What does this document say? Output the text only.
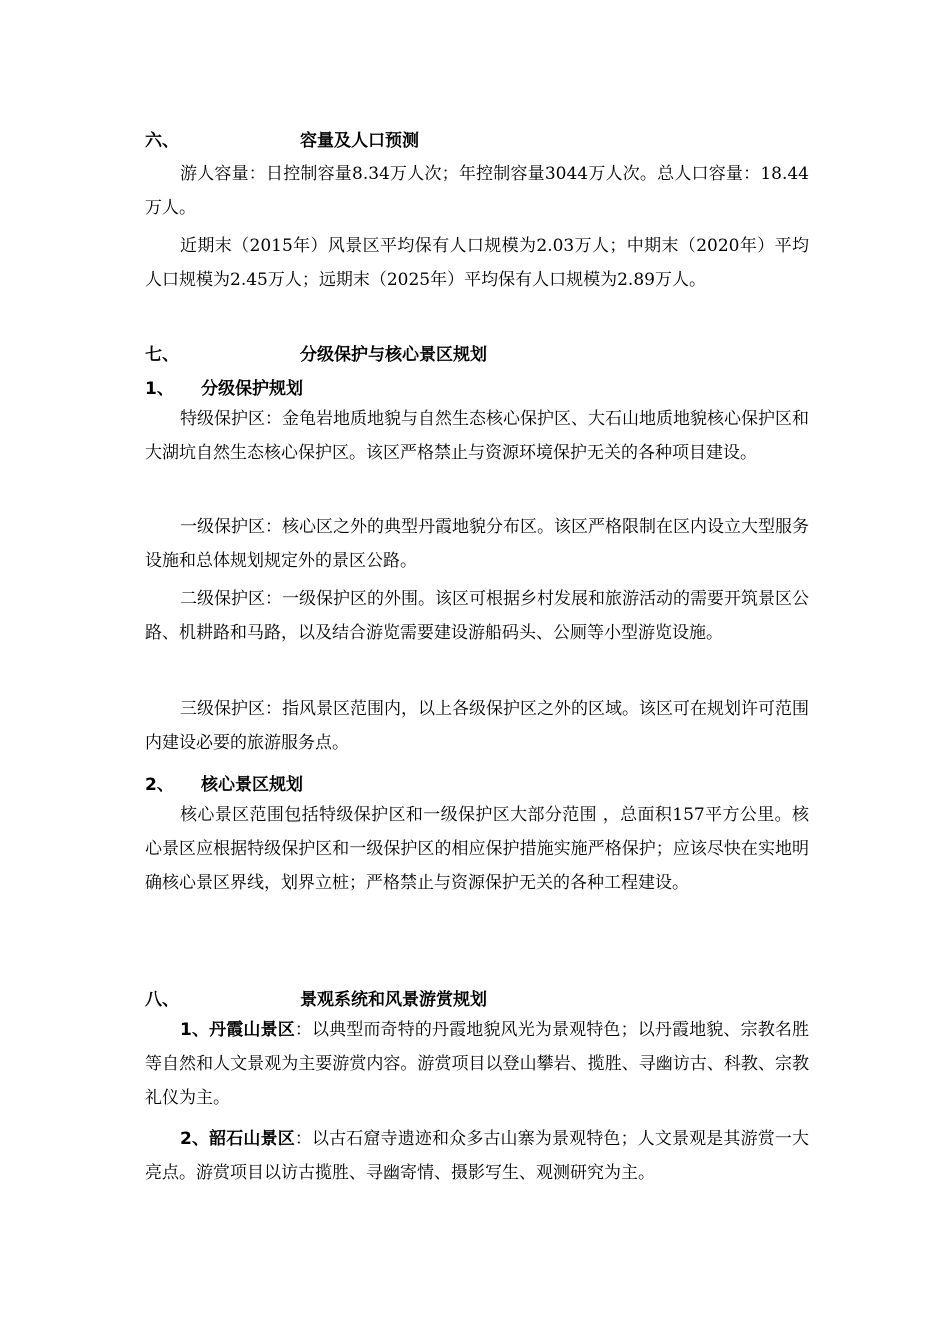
六、	容量及人口预测

游人容量：日控制容量8.34万人次；年控制容量3044万人次。总人口容量：18.44万人。

近期末（2015年）风景区平均保有人口规模为2.03万人；中期末（2020年）平均人口规模为2.45万人；远期末（2025年）平均保有人口规模为2.89万人。

七、	分级保护与核心景区规划
1、 分级保护规划

特级保护区：金龟岩地质地貌与自然生态核心保护区、大石山地质地貌核心保护区和大湖坑自然生态核心保护区。该区严格禁止与资源环境保护无关的各种项目建设。

一级保护区：核心区之外的典型丹霞地貌分布区。该区严格限制在区内设立大型服务设施和总体规划规定外的景区公路。

二级保护区：一级保护区的外围。该区可根据乡村发展和旅游活动的需要开筑景区公路、机耕路和马路，以及结合游览需要建设游船码头、公厕等小型游览设施。

三级保护区：指风景区范围内，以上各级保护区之外的区域。该区可在规划许可范围内建设必要的旅游服务点。

2、 核心景区规划

核心景区范围包括特级保护区和一级保护区大部分范围 ，总面积157平方公里。核心景区应根据特级保护区和一级保护区的相应保护措施实施严格保护；应该尽快在实地明确核心景区界线，划界立桩；严格禁止与资源保护无关的各种工程建设。

八、	景观系统和风景游赏规划

1、丹霞山景区：以典型而奇特的丹霞地貌风光为景观特色；以丹霞地貌、宗教名胜等自然和人文景观为主要游赏内容。游赏项目以登山攀岩、揽胜、寻幽访古、科教、宗教礼仪为主。

2、韶石山景区：以古石窟寺遗迹和众多古山寨为景观特色；人文景观是其游赏一大亮点。游赏项目以访古揽胜、寻幽寄情、摄影写生、观测研究为主。
